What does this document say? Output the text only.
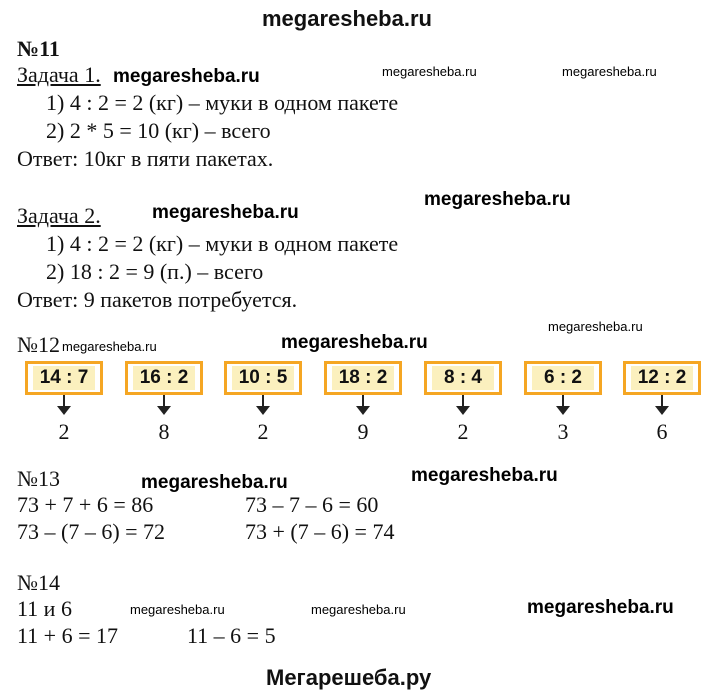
megaresheba.ru
№11
Задача 1. megaresheba.ru	megaresheba.ru	megaresheba.ru
1) 4 : 2 = 2 (кг) – муки в одном пакете
2) 2 * 5 = 10 (кг) – всего
Ответ: 10кг в пяти пакетах.
megaresheba.ru
Задача 2.	megaresheba.ru
1) 4 : 2 = 2 (кг) – муки в одном пакете
2) 18 : 2 = 9 (п.) – всего
Ответ: 9 пакетов потребуется.
megaresheba.ru
№12 megaresheba.ru	megaresheba.ru
14 : 7
2
16 : 2
8
10 : 5
2
18 : 2
9
8 : 4
2
6 : 2
3
12 : 2
6
№13	megaresheba.ru	megaresheba.ru
73 + 7 + 6 = 86	73 – 7 – 6 = 60
73 – (7 – 6) = 72	73 + (7 – 6) = 74
№14
11 и 6	megaresheba.ru	megaresheba.ru	megaresheba.ru
11 + 6 = 17	11 – 6 = 5
Мегарешеба.ру
